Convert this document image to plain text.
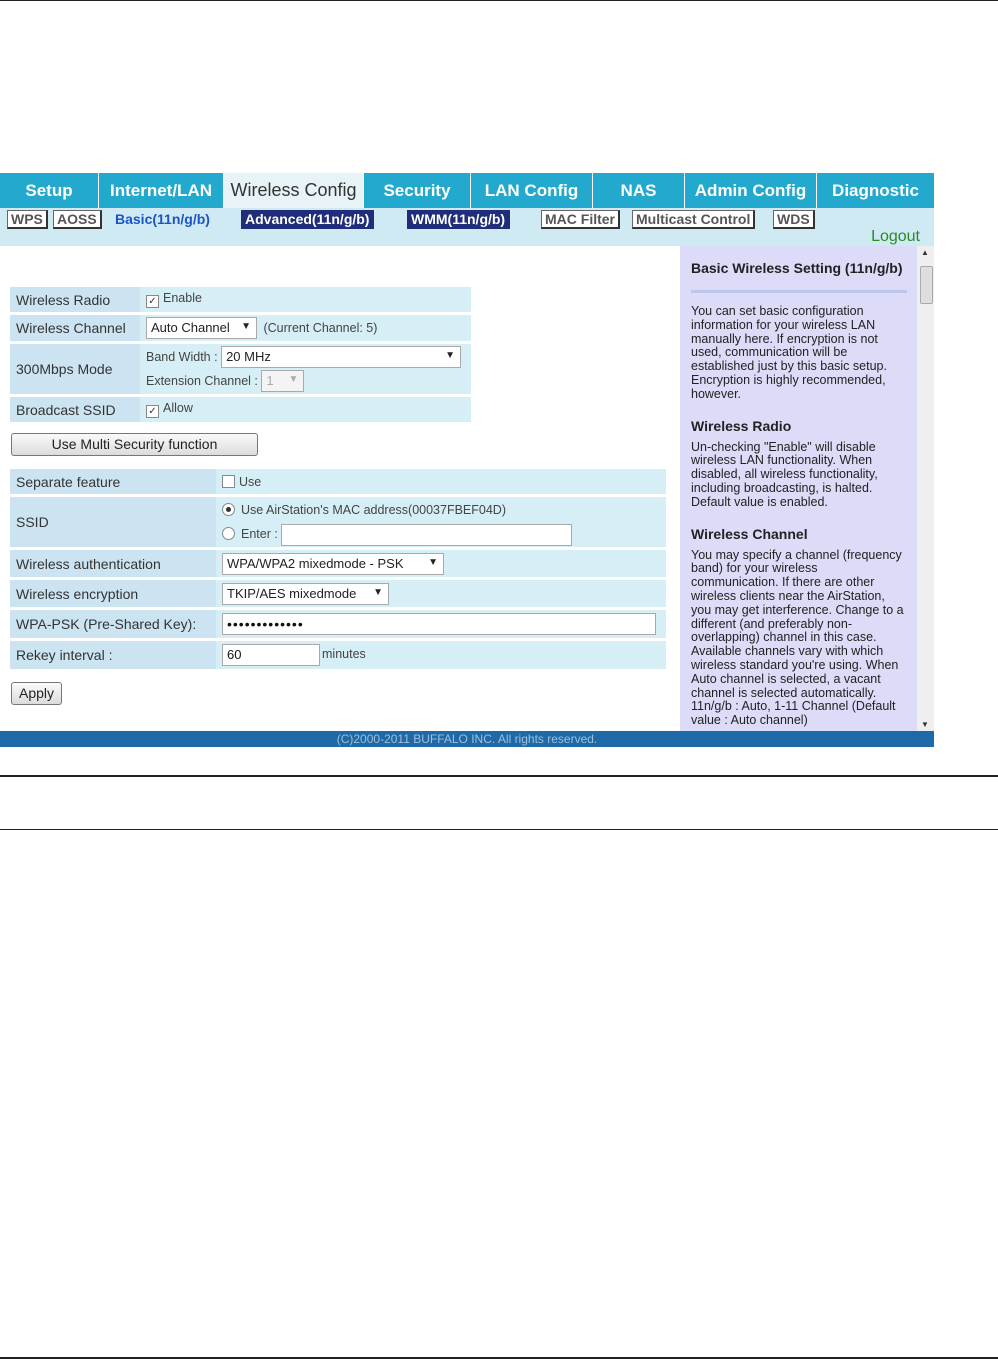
Setup	Internet/LAN	Wireless Config	Security	LAN Config	NAS	Admin Config	Diagnostic
WPS	AOSS	Basic(11n/g/b)	Advanced(11n/g/b)	WMM(11n/g/b)	MAC Filter	Multicast Control	WDS
Logout
Wireless Radio	✓ Enable
Wireless Channel	Auto Channel ▼ (Current Channel: 5)
300Mbps Mode	Band Width : 20 MHz ▼
Extension Channel : 1 ▼

Broadcast SSID	✓ Allow
Use Multi Security function
Separate feature	Use
SSID	Use AirStation's MAC address(00037FBEF04D)
Enter :

Wireless authentication	WPA/WPA2 mixedmode - PSK ▼

Wireless encryption	TKIP/AES mixedmode ▼

WPA-PSK (Pre-Shared Key):	•••••••••••••
Rekey interval :	60 minutes
Apply
Basic Wireless Setting (11n/g/b)

You can set basic configuration information for your wireless LAN manually here. If encryption is not used, communication will be established just by this basic setup. Encryption is highly recommended, however.

Wireless Radio

Un-checking "Enable" will disable wireless LAN functionality. When disabled, all wireless functionality, including broadcasting, is halted. Default value is enabled.

Wireless Channel

You may specify a channel (frequency band) for your wireless communication. If there are other wireless clients near the AirStation, you may get interference. Change to a different (and preferably non-overlapping) channel in this case. Available channels vary with which wireless standard you're using. When Auto channel is selected, a vacant channel is selected automatically. 11n/g/b : Auto, 1-11 Channel (Default value : Auto channel)

▲
▼
(C)2000-2011 BUFFALO INC. All rights reserved.
